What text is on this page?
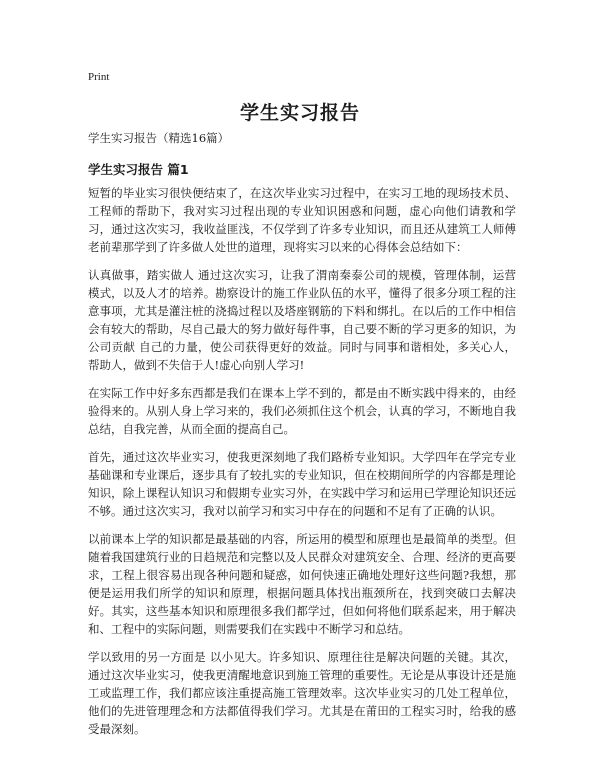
Print
学生实习报告
学生实习报告（精选16篇）
学生实习报告 篇1

短暂的毕业实习很快便结束了，在这次毕业实习过程中，在实习工地的现场技术员、工程师的帮助下，我对实习过程出现的专业知识困惑和问题，虚心向他们请教和学习，通过这次实习，我收益匪浅，不仅学到了许多专业知识，而且还从建筑工人师傅老前辈那学到了许多做人处世的道理，现将实习以来的心得体会总结如下：

认真做事，踏实做人 通过这次实习，让我了渭南秦泰公司的规模，管理体制，运营模式，以及人才的培养。勘察设计的施工作业队伍的水平，懂得了很多分项工程的注意事项，尤其是灌注桩的浇捣过程以及塔座钢筋的下料和绑扎。在以后的工作中相信会有较大的帮助，尽自己最大的努力做好每件事，自己要不断的学习更多的知识，为公司贡献 自己的力量，使公司获得更好的效益。同时与同事和谐相处，多关心人，帮助人，做到不失信于人!虚心向别人学习!

在实际工作中好多东西都是我们在课本上学不到的，都是由不断实践中得来的，由经验得来的。从别人身上学习来的，我们必须抓住这个机会，认真的学习，不断地自我总结，自我完善，从而全面的提高自己。

首先，通过这次毕业实习，使我更深刻地了我们路桥专业知识。大学四年在学完专业基础课和专业课后，逐步具有了较扎实的专业知识，但在校期间所学的内容都是理论知识，除上课程认知识习和假期专业实习外，在实践中学习和运用已学理论知识还远不够。通过这次实习，我对以前学习和实习中存在的问题和不足有了正确的认识。

以前课本上学的知识都是最基础的内容，所运用的模型和原理也是最简单的类型。但随着我国建筑行业的日趋规范和完整以及人民群众对建筑安全、合理、经济的更高要求，工程上很容易出现各种问题和疑惑，如何快速正确地处理好这些问题?我想，那便是运用我们所学的知识和原理，根据问题具体找出瓶颈所在，找到突破口去解决好。其实，这些基本知识和原理很多我们都学过，但如何将他们联系起来，用于解决和、工程中的实际问题，则需要我们在实践中不断学习和总结。

学以致用的另一方面是 以小见大。许多知识、原理往往是解决问题的关键。其次，通过这次毕业实习，使我更清醒地意识到施工管理的重要性。无论是从事设计还是施工或监理工作，我们都应该注重提高施工管理效率。这次毕业实习的几处工程单位，他们的先进管理理念和方法都值得我们学习。尤其是在莆田的工程实习时，给我的感受最深刻。
